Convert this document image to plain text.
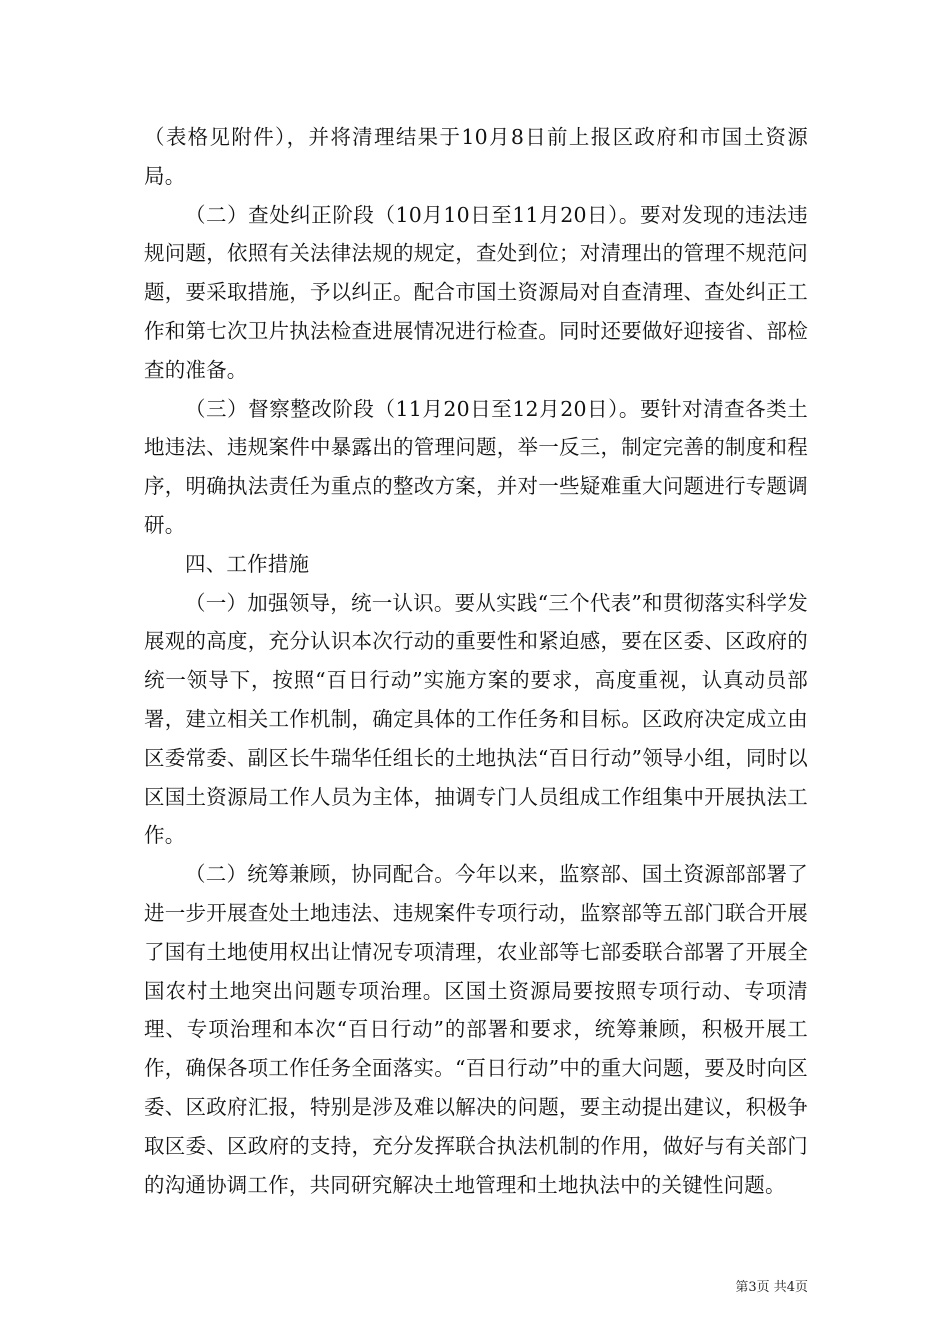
（表格见附件），并将清理结果于10月8日前上报区政府和市国土资源局。

（二）查处纠正阶段（10月10日至11月20日）。要对发现的违法违规问题，依照有关法律法规的规定，查处到位；对清理出的管理不规范问题，要采取措施，予以纠正。配合市国土资源局对自查清理、查处纠正工作和第七次卫片执法检查进展情况进行检查。同时还要做好迎接省、部检查的准备。

（三）督察整改阶段（11月20日至12月20日）。要针对清查各类土地违法、违规案件中暴露出的管理问题，举一反三，制定完善的制度和程序，明确执法责任为重点的整改方案，并对一些疑难重大问题进行专题调研。

四、工作措施

（一）加强领导，统一认识。要从实践“三个代表”和贯彻落实科学发展观的高度，充分认识本次行动的重要性和紧迫感，要在区委、区政府的统一领导下，按照“百日行动”实施方案的要求，高度重视，认真动员部署，建立相关工作机制，确定具体的工作任务和目标。区政府决定成立由区委常委、副区长牛瑞华任组长的土地执法“百日行动”领导小组，同时以区国土资源局工作人员为主体，抽调专门人员组成工作组集中开展执法工作。

（二）统筹兼顾，协同配合。今年以来，监察部、国土资源部部署了进一步开展查处土地违法、违规案件专项行动，监察部等五部门联合开展了国有土地使用权出让情况专项清理，农业部等七部委联合部署了开展全国农村土地突出问题专项治理。区国土资源局要按照专项行动、专项清理、专项治理和本次“百日行动”的部署和要求，统筹兼顾，积极开展工作，确保各项工作任务全面落实。“百日行动”中的重大问题，要及时向区委、区政府汇报，特别是涉及难以解决的问题，要主动提出建议，积极争取区委、区政府的支持，充分发挥联合执法机制的作用，做好与有关部门的沟通协调工作，共同研究解决土地管理和土地执法中的关键性问题。

第3页 共4页
